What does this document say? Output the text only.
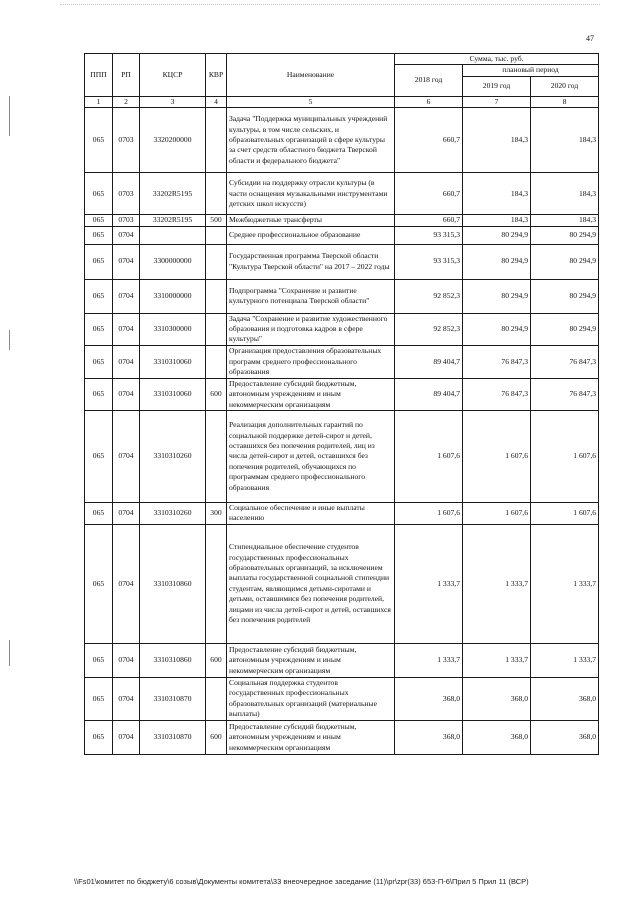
47
ППП	РП	КЦСР	КВР	Наименование	Сумма, тыс. руб.		
					2018 год	плановый период	
						2019 год	2020 год
1	2	3	4	5	6	7	8
065	0703	3320200000		Задача "Поддержка муниципальных учреждений культуры, в том числе сельских, и образовательных организаций в сфере культуры за счет средств областного бюджета Тверской области и федерального бюджета"	660,7	184,3	184,3
065	0703	33202R5195		Субсидии на поддержку отрасли культуры (в части оснащения музыкальными инструментами детских школ искусств)	660,7	184,3	184,3
065	0703	33202R5195	500	Межбюджетные трансферты	660,7	184,3	184,3
065	0704			Среднее профессиональное образование	93 315,3	80 294,9	80 294,9
065	0704	3300000000		Государственная программа Тверской области "Культура Тверской области" на 2017 – 2022 годы	93 315,3	80 294,9	80 294,9
065	0704	3310000000		Подпрограмма "Сохранение и развитие культурного потенциала Тверской области"	92 852,3	80 294,9	80 294,9
065	0704	3310300000		Задача "Сохранение и развитие художественного образования и подготовка кадров в сфере культуры"	92 852,3	80 294,9	80 294,9
065	0704	3310310060		Организация предоставления образовательных программ среднего профессионального образования	89 404,7	76 847,3	76 847,3
065	0704	3310310060	600	Предоставление субсидий бюджетным, автономным учреждениям и иным некоммерческим организациям	89 404,7	76 847,3	76 847,3
065	0704	3310310260		Реализация дополнительных гарантий по социальной поддержке детей-сирот и детей, оставшихся без попечения родителей, лиц из числа детей-сирот и детей, оставшихся без попечения родителей, обучающихся по программам среднего профессионального образования	1 607,6	1 607,6	1 607,6
065	0704	3310310260	300	Социальное обеспечение и иные выплаты населению	1 607,6	1 607,6	1 607,6
065	0704	3310310860		Стипендиальное обеспечение студентов государственных профессиональных образовательных организаций, за исключением выплаты государственной социальной стипендии студентам, являющимся детьми-сиротами и детьми, оставшимися без попечения родителей, лицами из числа детей-сирот и детей, оставшихся без попечения родителей	1 333,7	1 333,7	1 333,7
065	0704	3310310860	600	Предоставление субсидий бюджетным, автономным учреждениям и иным некоммерческим организациям	1 333,7	1 333,7	1 333,7
065	0704	3310310870		Социальная поддержка студентов государственных профессиональных образовательных организаций (материальные выплаты)	368,0	368,0	368,0
065	0704	3310310870	600	Предоставление субсидий бюджетным, автономным учреждениям и иным некоммерческим организациям	368,0	368,0	368,0
\\Fs01\комитет по бюджету\6 созыв\Документы комитета\33 внеочередное заседание (11)\pr\zpr(33) 653-П-6\Прил 5 Прил 11 (ВСР)
